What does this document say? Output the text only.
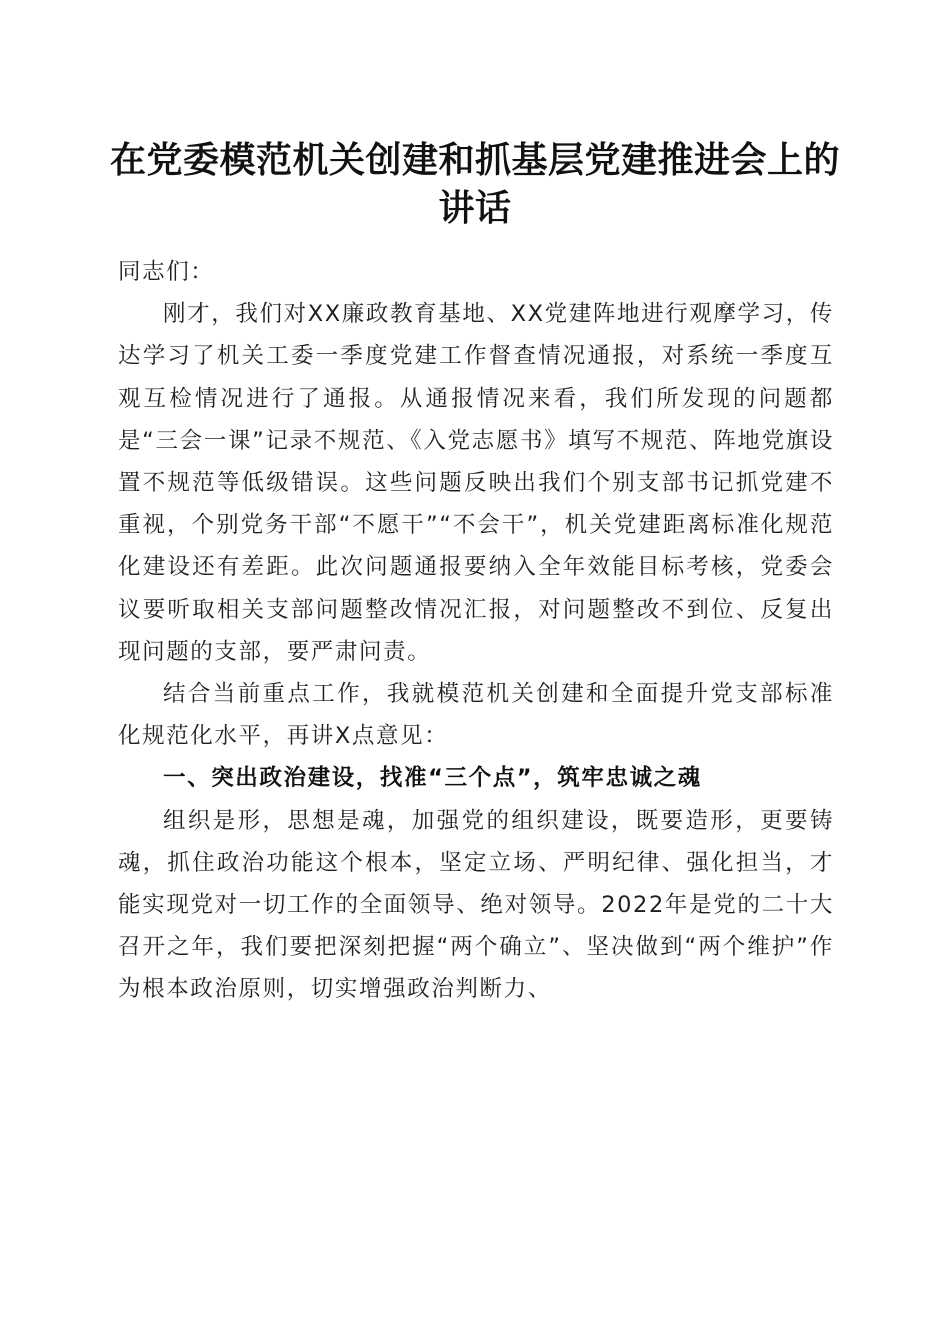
在党委模范机关创建和抓基层党建推进会上的
讲话

同志们：

刚才，我们对XX廉政教育基地、XX党建阵地进行观摩学习，传达学习了机关工委一季度党建工作督查情况通报，对系统一季度互观互检情况进行了通报。从通报情况来看，我们所发现的问题都是“三会一课”记录不规范、《入党志愿书》填写不规范、阵地党旗设置不规范等低级错误。这些问题反映出我们个别支部书记抓党建不重视，个别党务干部“不愿干”“不会干”，机关党建距离标准化规范化建设还有差距。此次问题通报要纳入全年效能目标考核，党委会议要听取相关支部问题整改情况汇报，对问题整改不到位、反复出现问题的支部，要严肃问责。

结合当前重点工作，我就模范机关创建和全面提升党支部标准化规范化水平，再讲X点意见：

一、突出政治建设，找准“三个点”，筑牢忠诚之魂

组织是形，思想是魂，加强党的组织建设，既要造形，更要铸魂，抓住政治功能这个根本，坚定立场、严明纪律、强化担当，才能实现党对一切工作的全面领导、绝对领导。2022年是党的二十大召开之年，我们要把深刻把握“两个确立”、坚决做到“两个维护”作为根本政治原则，切实增强政治判断力、
